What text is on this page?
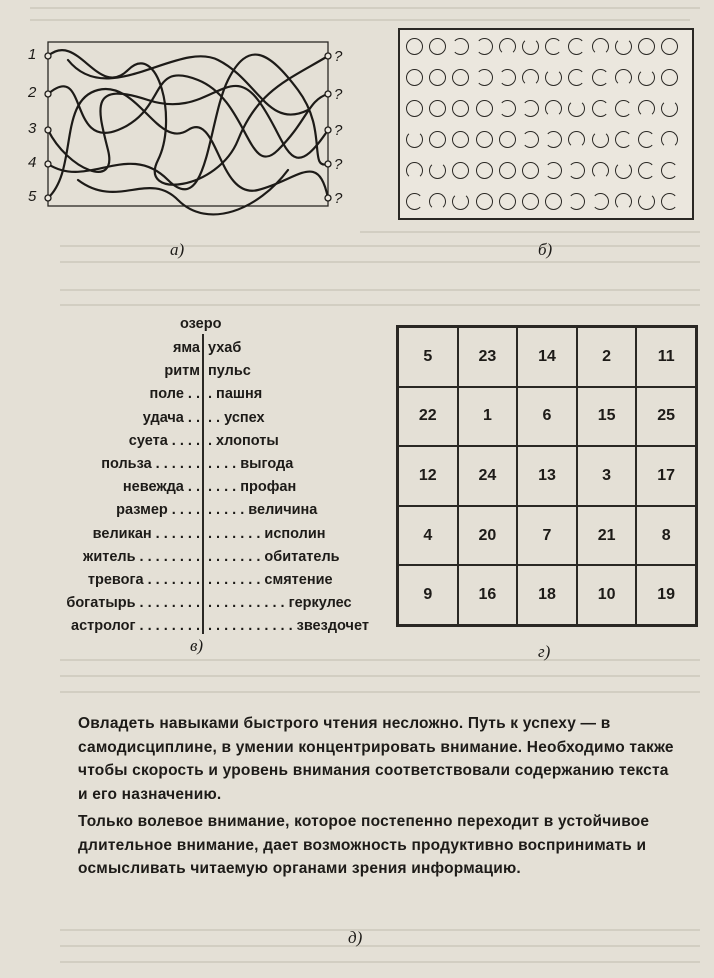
1
2
3
4
5
?
?
?
?
?
а)	б)
озеро
яма ухаб
ритм пульс
поле . . . пашня
удача . . . . успех
суета . . . . . хлопоты
польза . . . . . . . . . . выгода
невежда . . . . . . профан
размер . . . . . . . . . величина
великан . . . . . . . . . . . . . исполин
житель . . . . . . . . . . . . . . . обитатель
тревога . . . . . . . . . . . . . . смятение
богатырь . . . . . . . . . . . . . . . . . . геркулес
астролог . . . . . . . . . . . . . . . . . . . звездочет
в)
5	23	14	2	11
22	1	6	15	25
12	24	13	3	17
4	20	7	21	8
9	16	18	10	19
г)

Овладеть навыками быстрого чтения несложно. Путь к успеху — в самодисциплине, в умении концентрировать внимание. Необходимо также чтобы скорость и уровень внимания соответствовали содержанию текста и его назначению.

Только волевое внимание, которое постепенно переходит в устойчивое длительное внимание, дает возможность продуктивно воспринимать и осмысливать читаемую органами зрения информацию.

д)
